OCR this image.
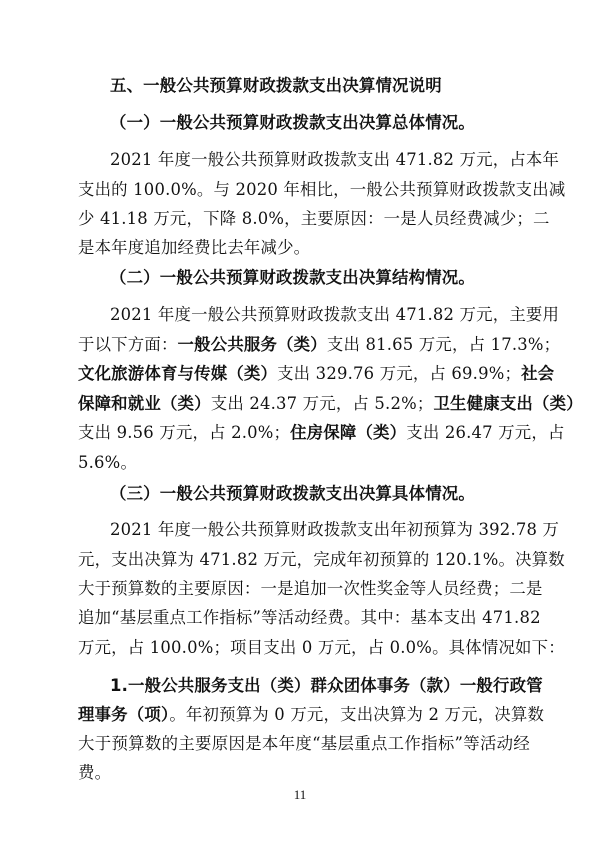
五、一般公共预算财政拨款支出决算情况说明
（一）一般公共预算财政拨款支出决算总体情况。
2021 年度一般公共预算财政拨款支出 471.82 万元，占本年
支出的 100.0%。与 2020 年相比，一般公共预算财政拨款支出减
少 41.18 万元，下降 8.0%，主要原因：一是人员经费减少；二
是本年度追加经费比去年减少。
（二）一般公共预算财政拨款支出决算结构情况。
2021 年度一般公共预算财政拨款支出 471.82 万元，主要用
于以下方面：一般公共服务（类）支出 81.65 万元，占 17.3%；
文化旅游体育与传媒（类）支出 329.76 万元，占 69.9%；社会
保障和就业（类）支出 24.37 万元，占 5.2%；卫生健康支出（类）
支出 9.56 万元，占 2.0%；住房保障（类）支出 26.47 万元，占
5.6%。
（三）一般公共预算财政拨款支出决算具体情况。
2021 年度一般公共预算财政拨款支出年初预算为 392.78 万
元，支出决算为 471.82 万元，完成年初预算的 120.1%。决算数
大于预算数的主要原因：一是追加一次性奖金等人员经费；二是
追加“基层重点工作指标”等活动经费。其中：基本支出 471.82
万元，占 100.0%；项目支出 0 万元，占 0.0%。具体情况如下：
1.一般公共服务支出（类）群众团体事务（款）一般行政管
理事务（项）。年初预算为 0 万元，支出决算为 2 万元，决算数
大于预算数的主要原因是本年度“基层重点工作指标”等活动经
费。
11
